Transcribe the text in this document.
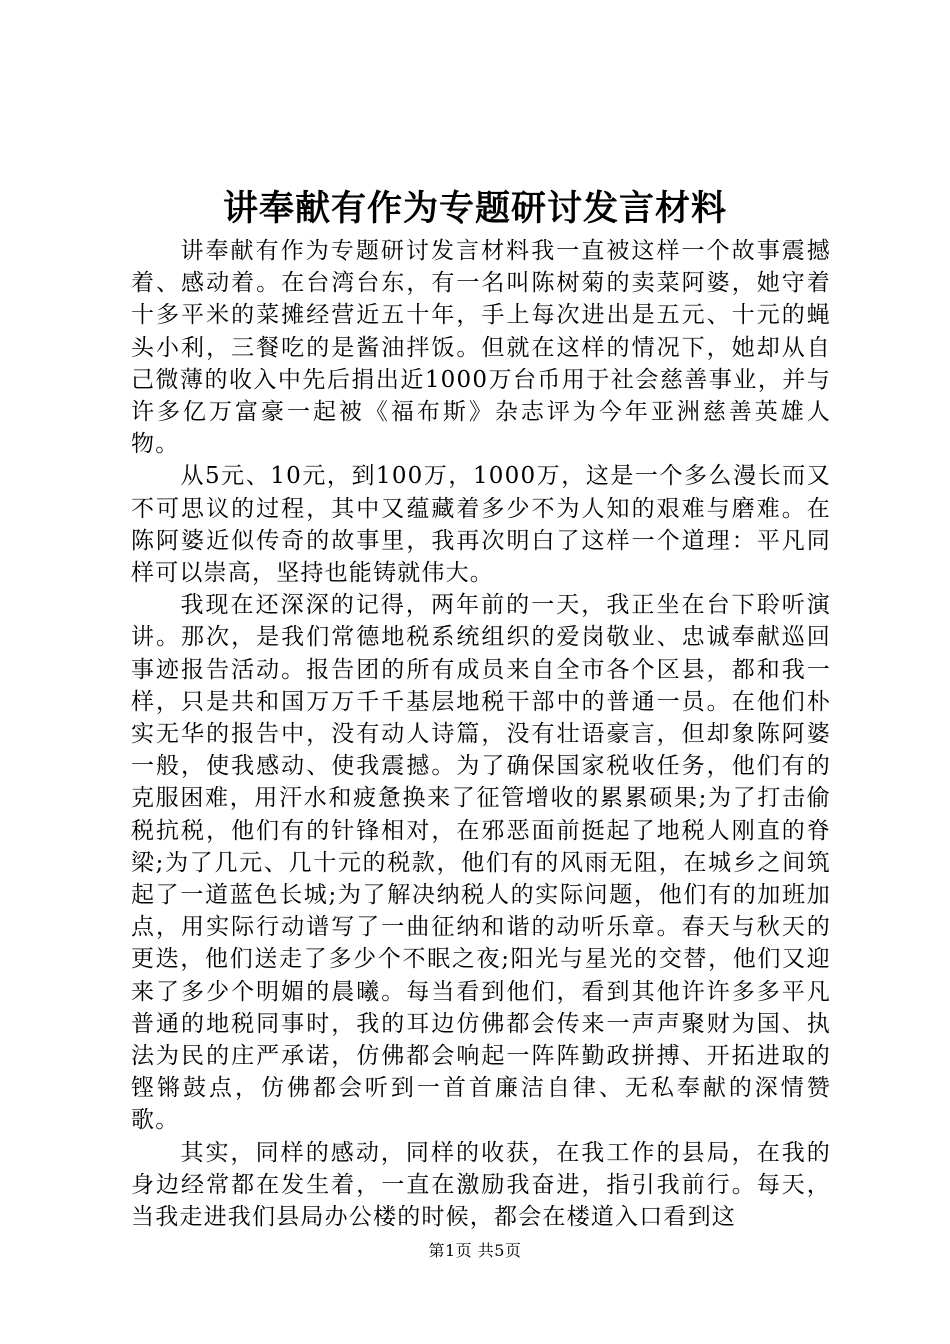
讲奉献有作为专题研讨发言材料

讲奉献有作为专题研讨发言材料我一直被这样一个故事震撼着、感动着。在台湾台东，有一名叫陈树菊的卖菜阿婆，她守着十多平米的菜摊经营近五十年，手上每次进出是五元、十元的蝇头小利，三餐吃的是酱油拌饭。但就在这样的情况下，她却从自己微薄的收入中先后捐出近1000万台币用于社会慈善事业，并与许多亿万富豪一起被《福布斯》杂志评为今年亚洲慈善英雄人物。

从5元、10元，到100万，1000万，这是一个多么漫长而又不可思议的过程，其中又蕴藏着多少不为人知的艰难与磨难。在陈阿婆近似传奇的故事里，我再次明白了这样一个道理：平凡同样可以崇高，坚持也能铸就伟大。

我现在还深深的记得，两年前的一天，我正坐在台下聆听演讲。那次，是我们常德地税系统组织的爱岗敬业、忠诚奉献巡回事迹报告活动。报告团的所有成员来自全市各个区县，都和我一样，只是共和国万万千千基层地税干部中的普通一员。在他们朴实无华的报告中，没有动人诗篇，没有壮语豪言，但却象陈阿婆一般，使我感动、使我震撼。为了确保国家税收任务，他们有的克服困难，用汗水和疲惫换来了征管增收的累累硕果;为了打击偷税抗税，他们有的针锋相对，在邪恶面前挺起了地税人刚直的脊梁;为了几元、几十元的税款，他们有的风雨无阻，在城乡之间筑起了一道蓝色长城;为了解决纳税人的实际问题，他们有的加班加点，用实际行动谱写了一曲征纳和谐的动听乐章。春天与秋天的更迭，他们送走了多少个不眠之夜;阳光与星光的交替，他们又迎来了多少个明媚的晨曦。每当看到他们，看到其他许许多多平凡普通的地税同事时，我的耳边仿佛都会传来一声声聚财为国、执法为民的庄严承诺，仿佛都会响起一阵阵勤政拼搏、开拓进取的铿锵鼓点，仿佛都会听到一首首廉洁自律、无私奉献的深情赞歌。

其实，同样的感动，同样的收获，在我工作的县局，在我的身边经常都在发生着，一直在激励我奋进，指引我前行。每天，当我走进我们县局办公楼的时候，都会在楼道入口看到这

第1页 共5页
